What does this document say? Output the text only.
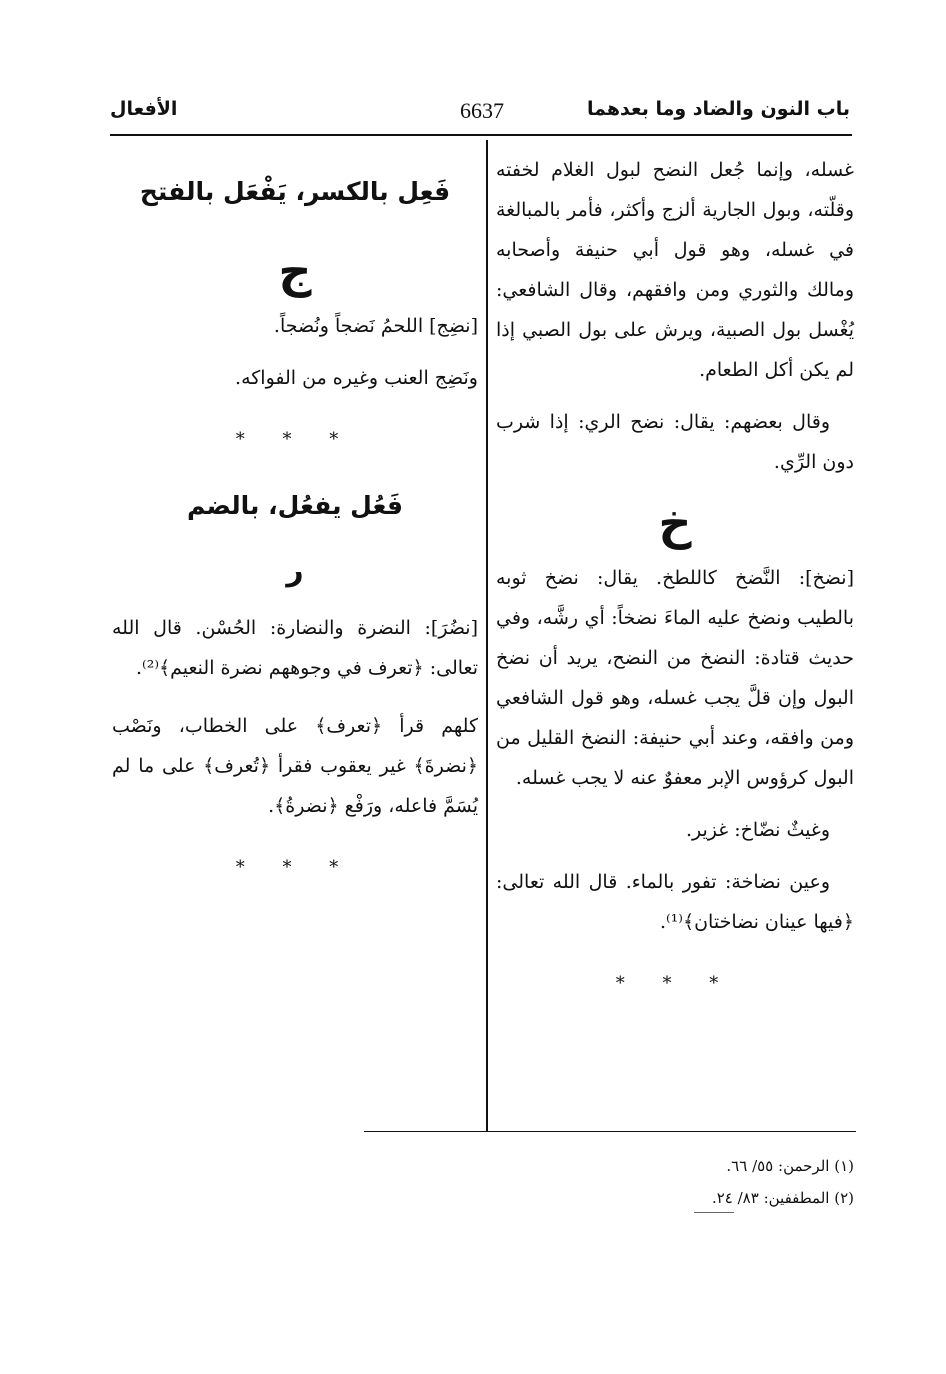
باب النون والضاد وما بعدهما
6637
الأفعال

غسله، وإنما جُعل النضح لبول الغلام لخفته وقلّته، وبول الجارية ألزج وأكثر، فأمر بالمبالغة في غسله، وهو قول أبي حنيفة وأصحابه ومالك والثوري ومن وافقهم، وقال الشافعي: يُغْسل بول الصبية، ويرش على بول الصبي إذا لم يكن أكل الطعام.

وقال بعضهم: يقال: نضح الري: إذا شرب دون الرِّي.

خ

[نضخ]: النَّضخ كاللطخ. يقال: نضخ ثوبه بالطيب ونضخ عليه الماءَ نضخاً: أي رشَّه، وفي حديث قتادة: النضخ من النضح، يريد أن نضخ البول وإن قلَّ يجب غسله، وهو قول الشافعي ومن وافقه، وعند أبي حنيفة: النضخ القليل من البول كرؤوس الإبر معفوٌ عنه لا يجب غسله.

وغيثٌ نضّاخ: غزير.

وعين نضاخة: تفور بالماء. قال الله تعالى: ﴿فيها عينان نضاختان﴾⁽¹⁾.

* * *
فَعِل بالكسر، يَفْعَل بالفتح
ج

[نضِج] اللحمُ نَضجاً ونُضجاً.

ونَضِج العنب وغيره من الفواكه.

* * *
فَعُل يفعُل، بالضم
ر

[نضُرَ]: النضرة والنضارة: الحُسْن. قال الله تعالى: ﴿تعرف في وجوههم نضرة النعيم﴾⁽²⁾.

كلهم قرأ ﴿تعرف﴾ على الخطاب، ونَصْب ﴿نضرةَ﴾ غير يعقوب فقرأ ﴿تُعرف﴾ على ما لم يُسَمَّ فاعله، ورَفْع ﴿نضرةُ﴾.

* * *
(١) الرحمن: ٥٥/ ٦٦.
(٢) المطففين: ٨٣/ ٢٤.
